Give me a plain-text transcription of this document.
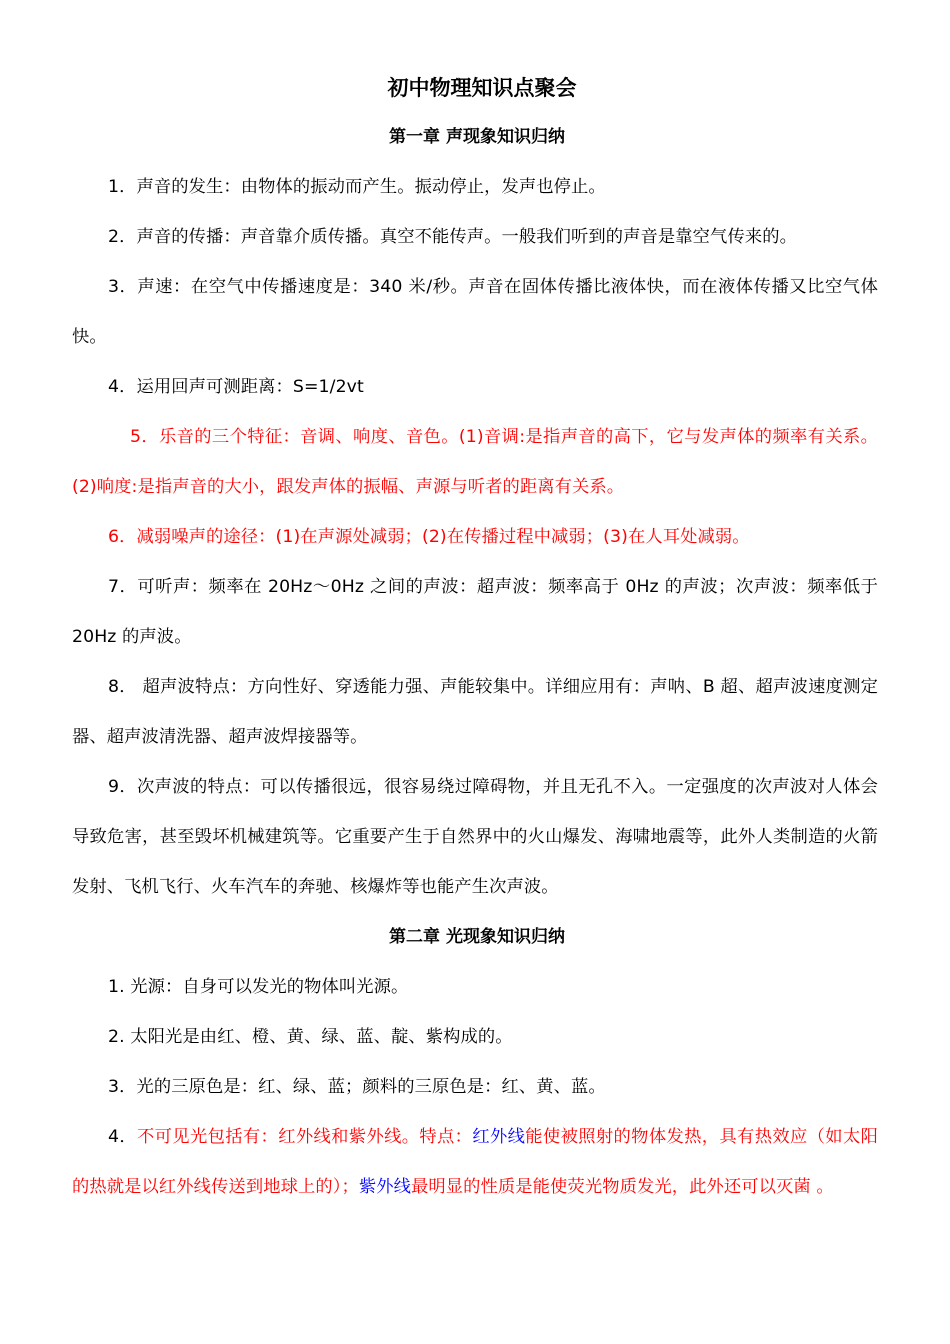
初中物理知识点聚会
第一章 声现象知识归纳

1．声音的发生：由物体的振动而产生。振动停止，发声也停止。

2．声音的传播：声音靠介质传播。真空不能传声。一般我们听到的声音是靠空气传来的。

3．声速：在空气中传播速度是：340 米/秒。声音在固体传播比液体快，而在液体传播又比空气体快。

4．运用回声可测距离：S=1/2vt

5．乐音的三个特征：音调、响度、音色。(1)音调:是指声音的高下，它与发声体的频率有关系。(2)响度:是指声音的大小，跟发声体的振幅、声源与听者的距离有关系。

6．减弱噪声的途径：(1)在声源处减弱；(2)在传播过程中减弱；(3)在人耳处减弱。

7．可听声：频率在 20Hz～0Hz 之间的声波：超声波：频率高于 0Hz 的声波；次声波：频率低于 20Hz 的声波。

8． 超声波特点：方向性好、穿透能力强、声能较集中。详细应用有：声呐、B 超、超声波速度测定器、超声波清洗器、超声波焊接器等。

9．次声波的特点：可以传播很远，很容易绕过障碍物，并且无孔不入。一定强度的次声波对人体会导致危害，甚至毁坏机械建筑等。它重要产生于自然界中的火山爆发、海啸地震等，此外人类制造的火箭发射、飞机飞行、火车汽车的奔驰、核爆炸等也能产生次声波。

第二章 光现象知识归纳

1. 光源：自身可以发光的物体叫光源。

2. 太阳光是由红、橙、黄、绿、蓝、靛、紫构成的。

3．光的三原色是：红、绿、蓝；颜料的三原色是：红、黄、蓝。

4．不可见光包括有：红外线和紫外线。特点：红外线能使被照射的物体发热，具有热效应（如太阳的热就是以红外线传送到地球上的）；紫外线最明显的性质是能使荧光物质发光，此外还可以灭菌 。
